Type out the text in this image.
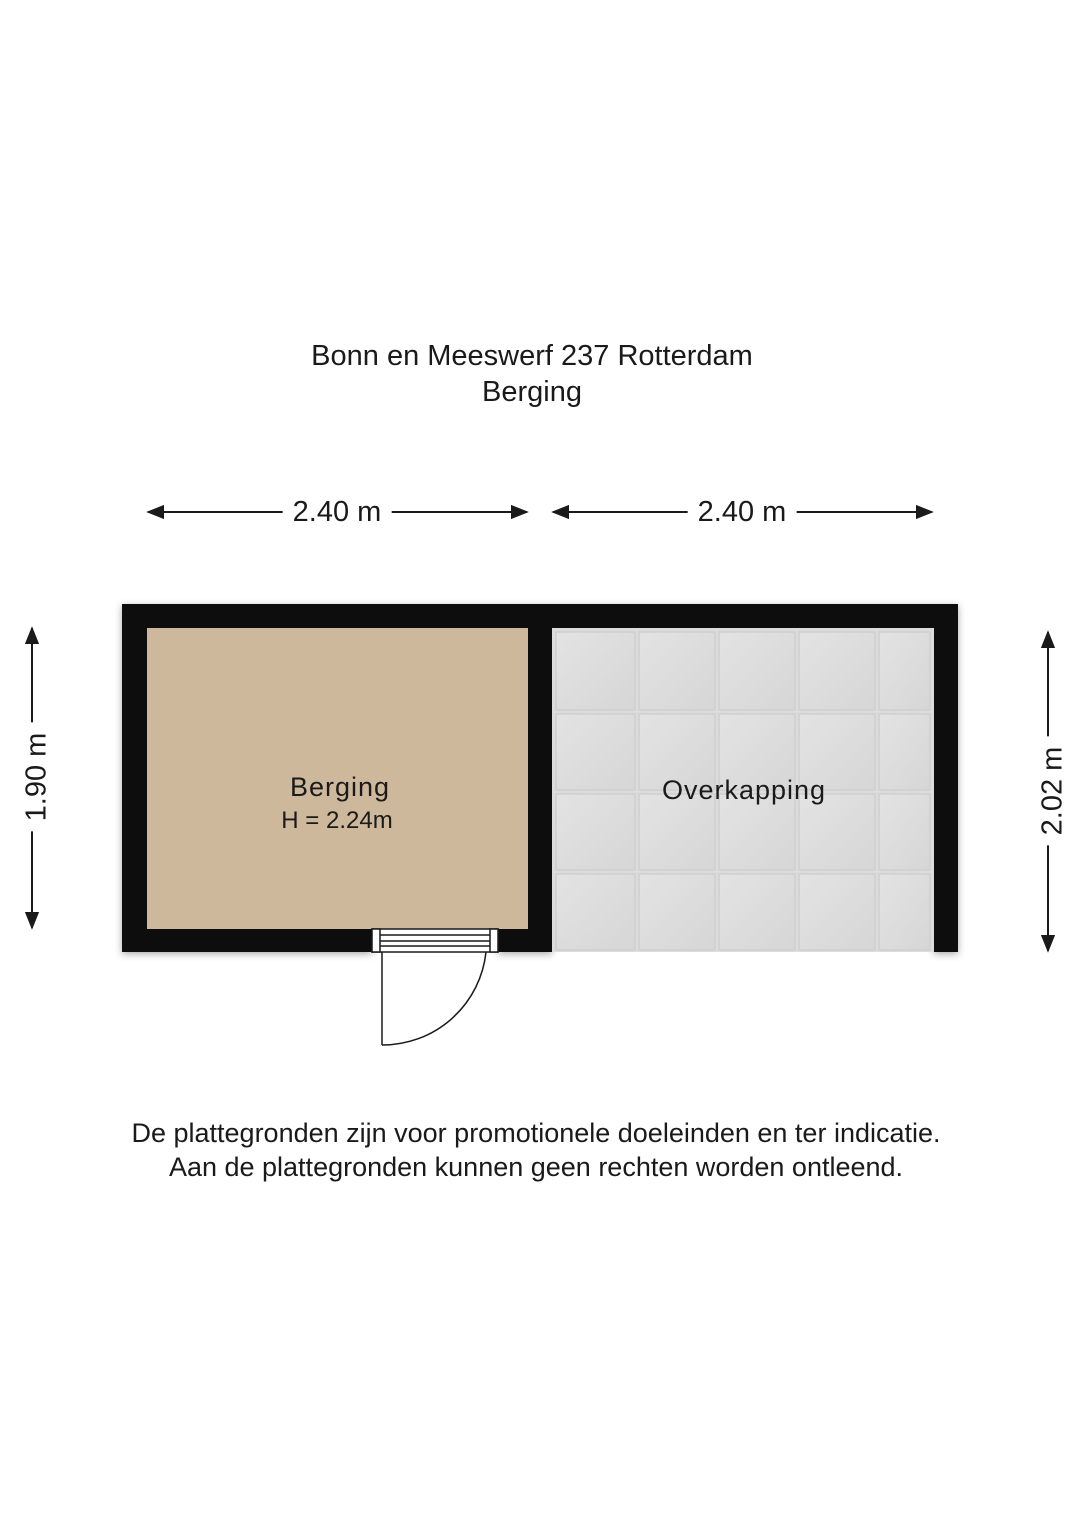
Bonn en Meeswerf 237 Rotterdam
Berging
2.40 m	2.40 m
1.90 m	2.02 m
Berging
H = 2.24m
Overkapping
De plattegronden zijn voor promotionele doeleinden en ter indicatie.
Aan de plattegronden kunnen geen rechten worden ontleend.
